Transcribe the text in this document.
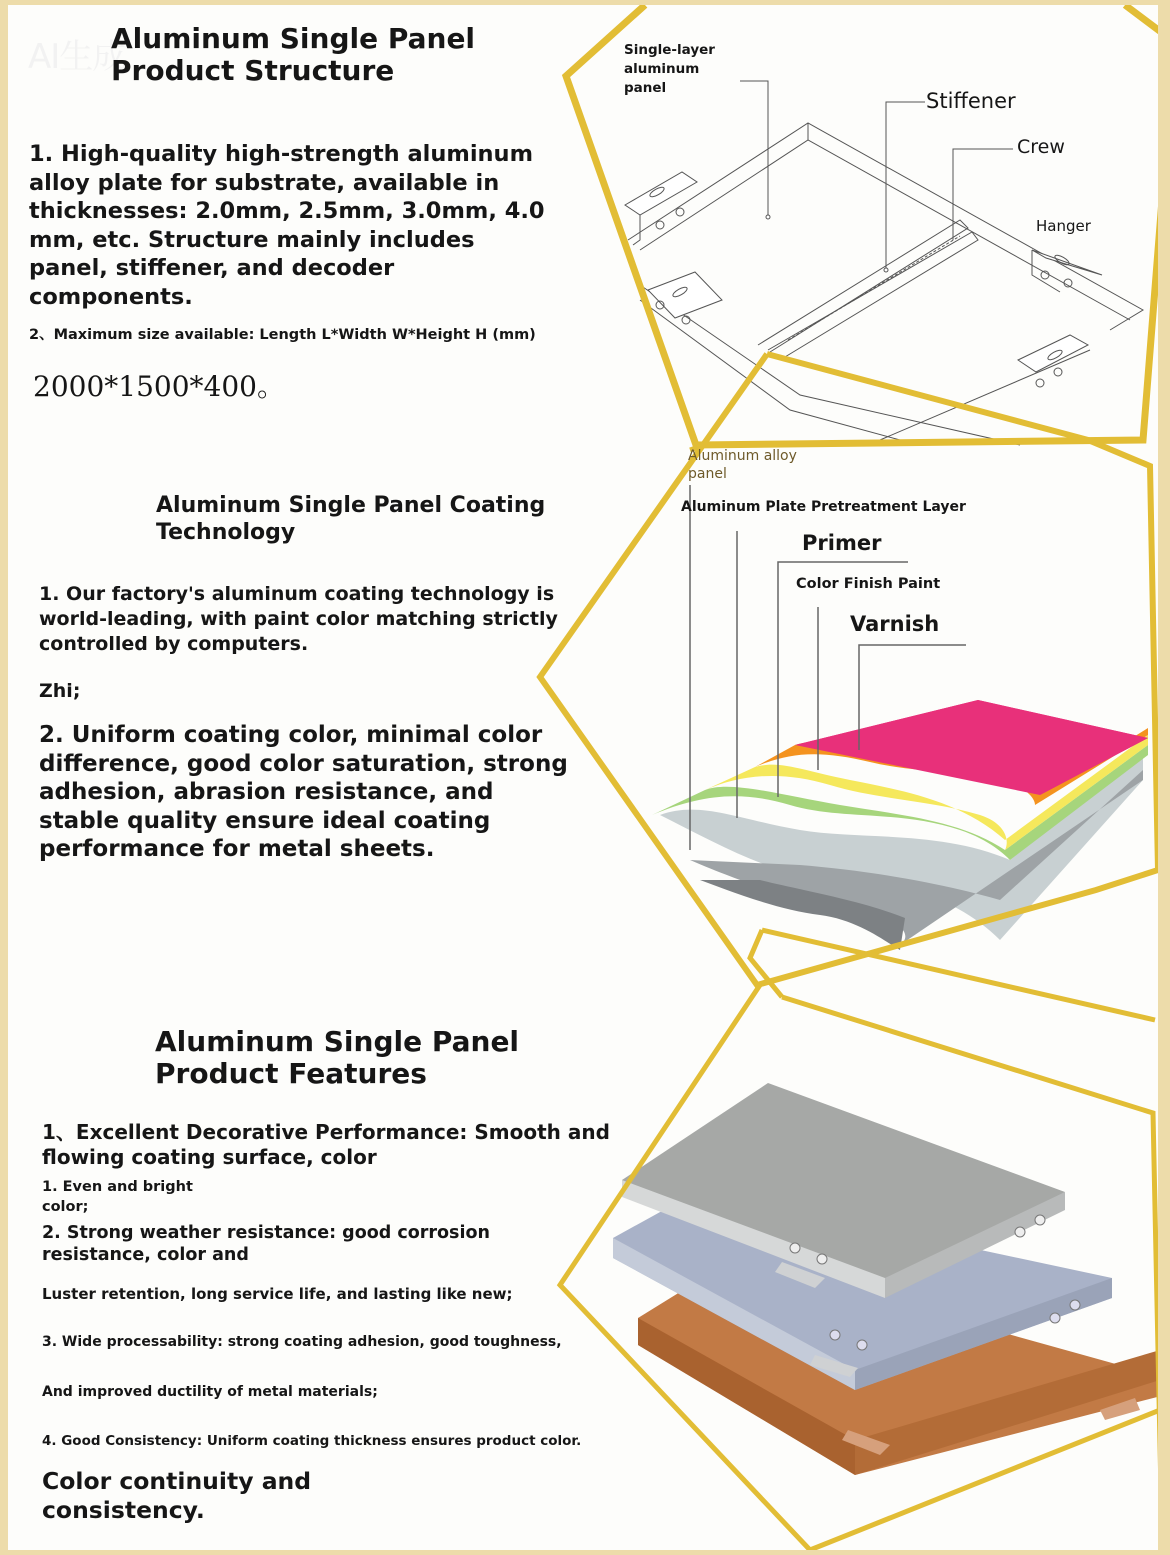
AI生成
Aluminum Single Panel Product Structure

1. High-quality high-strength aluminum alloy plate for substrate, available in thicknesses: 2.0mm, 2.5mm, 3.0mm, 4.0 mm, etc. Structure mainly includes panel, stiffener, and decoder components.

2、Maximum size available: Length L*Width W*Height H (mm)

2000*1500*400。

Aluminum Single Panel Coating Technology

1. Our factory's aluminum coating technology is world-leading, with paint color matching strictly controlled by computers.

Zhi;

2. Uniform coating color, minimal color difference, good color saturation, strong adhesion, abrasion resistance, and stable quality ensure ideal coating performance for metal sheets.

Aluminum Single Panel Product Features

1、Excellent Decorative Performance: Smooth and flowing coating surface, color

1. Even and bright color;

2. Strong weather resistance: good corrosion resistance, color and

Luster retention, long service life, and lasting like new;

3. Wide processability: strong coating adhesion, good toughness,

And improved ductility of metal materials;

4. Good Consistency: Uniform coating thickness ensures product color.

Color continuity and consistency.

Single-layer aluminum panel
Stiffener
Crew
Hanger
Aluminum alloy panel
Aluminum Plate Pretreatment Layer
Primer
Color Finish Paint
Varnish
